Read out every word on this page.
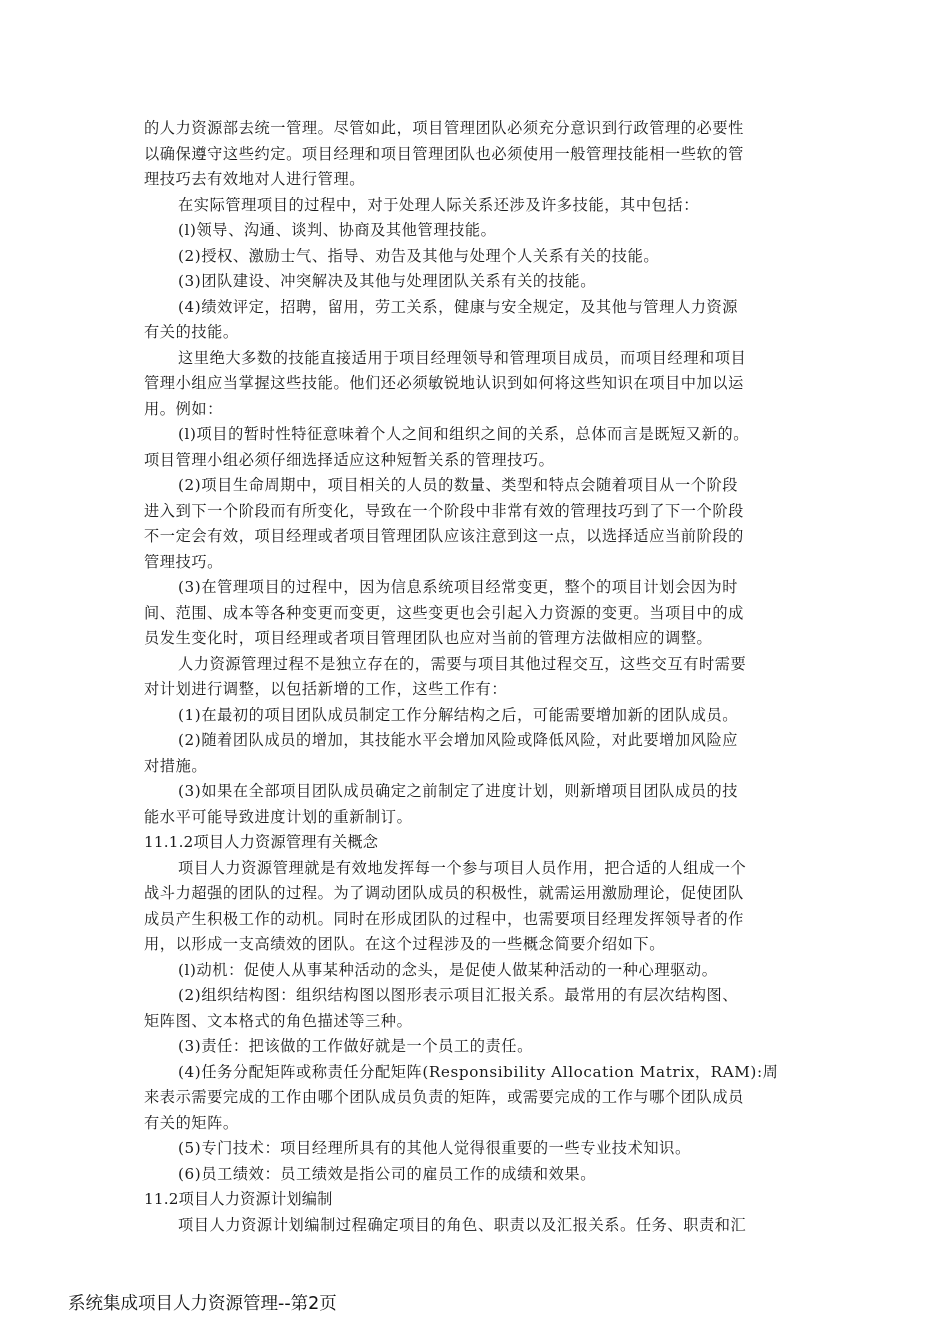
的人力资源部去统一管理。尽管如此，项目管理团队必须充分意识到行政管理的必要性
以确保遵守这些约定。项目经理和项目管理团队也必须使用一般管理技能相一些软的管
理技巧去有效地对人进行管理。
在实际管理项目的过程中，对于处理人际关系还涉及许多技能，其中包括：
(l)领导、沟通、谈判、协商及其他管理技能。
(2)授权、激励士气、指导、劝告及其他与处理个人关系有关的技能。
(3)团队建设、冲突解决及其他与处理团队关系有关的技能。
(4)绩效评定，招聘，留用，劳工关系，健康与安全规定，及其他与管理人力资源
有关的技能。
这里绝大多数的技能直接适用于项目经理领导和管理项目成员，而项目经理和项目
管理小组应当掌握这些技能。他们还必须敏锐地认识到如何将这些知识在项目中加以运
用。例如：
(l)项目的暂时性特征意味着个人之间和组织之间的关系，总体而言是既短又新的。
项目管理小组必须仔细选择适应这种短暂关系的管理技巧。
(2)项目生命周期中，项目相关的人员的数量、类型和特点会随着项目从一个阶段
进入到下一个阶段而有所变化，导致在一个阶段中非常有效的管理技巧到了下一个阶段
不一定会有效，项目经理或者项目管理团队应该注意到这一点，以选择适应当前阶段的
管理技巧。
(3)在管理项目的过程中，因为信息系统项目经常变更，整个的项目计划会因为时
间、范围、成本等各种变更而变更，这些变更也会引起入力资源的变更。当项目中的成
员发生变化时，项目经理或者项目管理团队也应对当前的管理方法做相应的调整。
人力资源管理过程不是独立存在的，需要与项目其他过程交互，这些交互有时需要
对计划进行调整，以包括新增的工作，这些工作有：
(1)在最初的项目团队成员制定工作分解结构之后，可能需要增加新的团队成员。
(2)随着团队成员的增加，其技能水平会增加风险或降低风险，对此要增加风险应
对措施。
(3)如果在全部项目团队成员确定之前制定了进度计划，则新增项目团队成员的技
能水平可能导致进度计划的重新制订。
11.1.2项目人力资源管理有关概念
项目人力资源管理就是有效地发挥每一个参与项目人员作用，把合适的人组成一个
战斗力超强的团队的过程。为了调动团队成员的积极性，就需运用激励理论，促使团队
成员产生积极工作的动机。同时在形成团队的过程中，也需要项目经理发挥领导者的作
用，以形成一支高绩效的团队。在这个过程涉及的一些概念简要介绍如下。
(l)动机：促使人从事某种活动的念头，是促使人做某种活动的一种心理驱动。
(2)组织结构图：组织结构图以图形表示项目汇报关系。最常用的有层次结构图、
矩阵图、文本格式的角色描述等三种。
(3)责任：把该做的工作做好就是一个员工的责任。
(4)任务分配矩阵或称责任分配矩阵(Responsibility Allocation Matrix，RAM):周
来表示需要完成的工作由哪个团队成员负责的矩阵，或需要完成的工作与哪个团队成员
有关的矩阵。
(5)专门技术：项目经理所具有的其他人觉得很重要的一些专业技术知识。
(6)员工绩效：员工绩效是指公司的雇员工作的成绩和效果。
11.2项目人力资源计划编制
项目人力资源计划编制过程确定项目的角色、职责以及汇报关系。任务、职责和汇
系统集成项目人力资源管理--第2页
